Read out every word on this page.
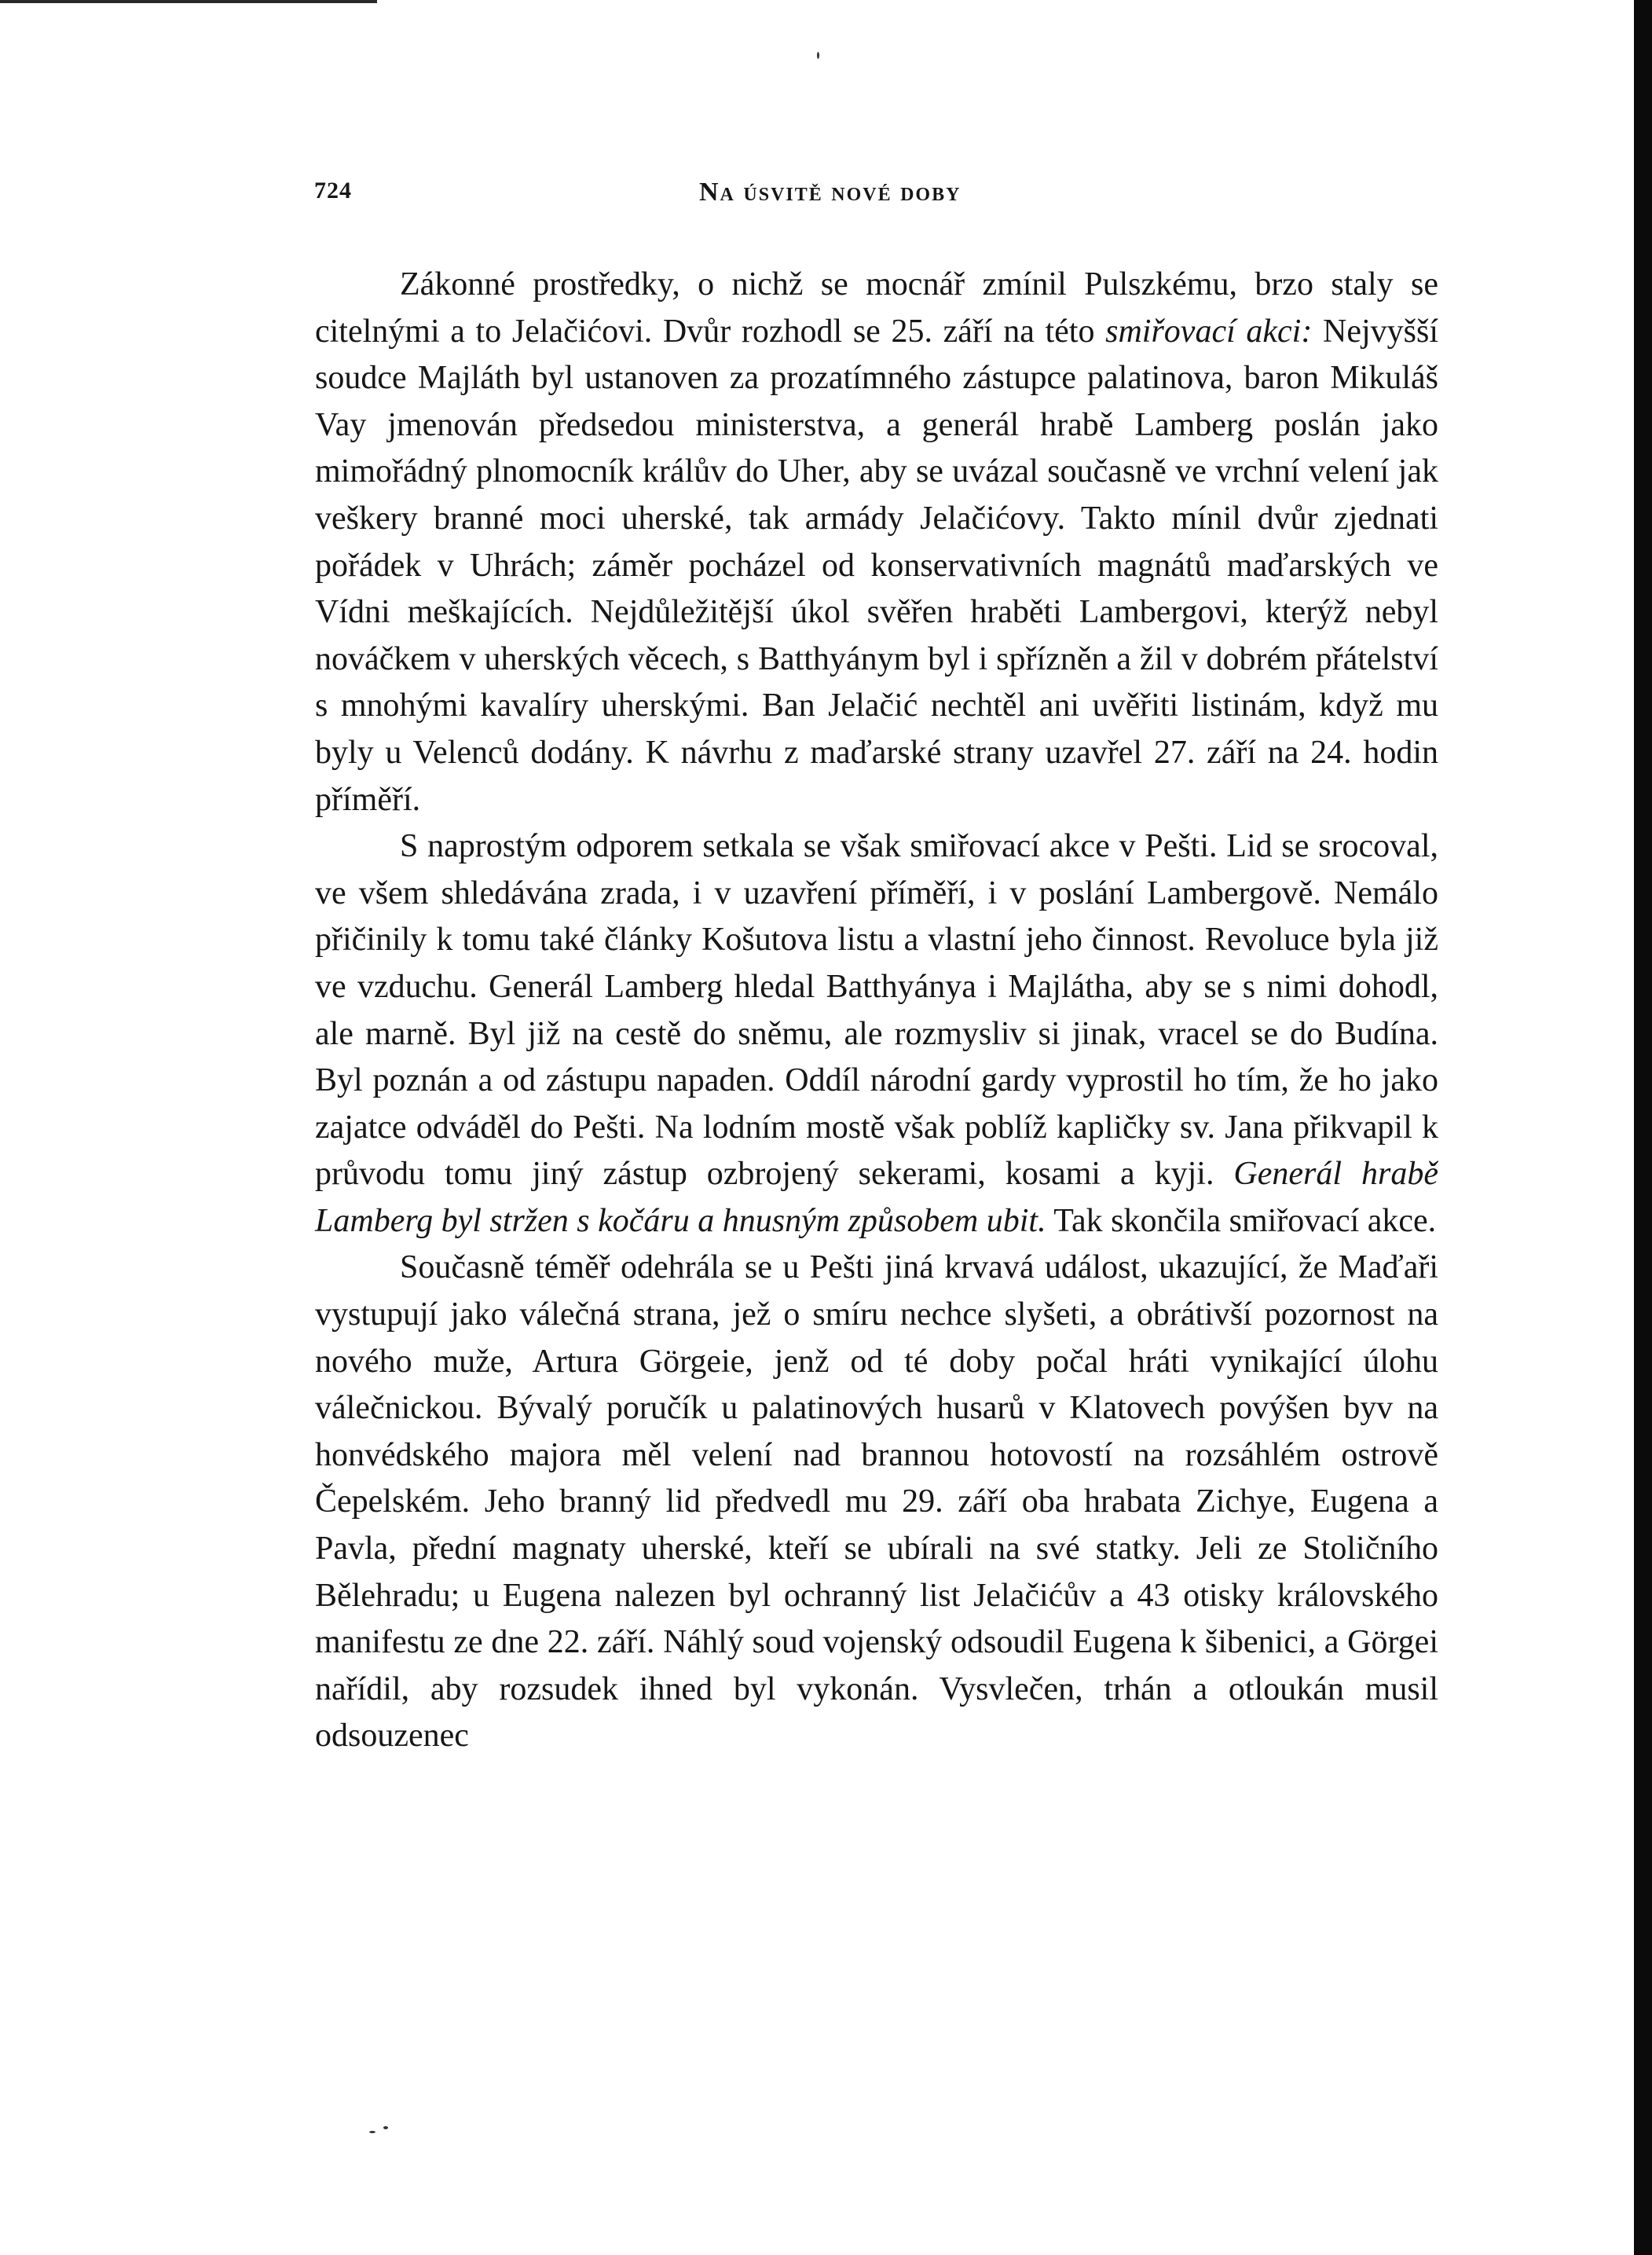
724	Na úsvitě nové doby

Zákonné prostředky, o nichž se mocnář zmínil Pulszkému, brzo staly se citelnými a to Jelačićovi. Dvůr rozhodl se 25. září na této smiřovací akci: Nejvyšší soudce Majláth byl ustanoven za prozatímného zástupce palatinova, baron Mikuláš Vay jmenován předsedou ministerstva, a generál hrabě Lamberg poslán jako mimořádný plnomocník králův do Uher, aby se uvázal současně ve vrchní velení jak veškery branné moci uherské, tak armády Jelačićovy. Takto mínil dvůr zjednati pořádek v Uhrách; záměr pocházel od konservativních magnátů maďarských ve Vídni meškajících. Nejdůležitější úkol svěřen hraběti Lambergovi, kterýž nebyl nováčkem v uherských věcech, s Batthyánym byl i spřízněn a žil v dobrém přátelství s mnohými kavalíry uherskými. Ban Jelačić nechtěl ani uvěřiti listinám, když mu byly u Velenců dodány. K návrhu z maďarské strany uzavřel 27. září na 24. hodin příměří.

S naprostým odporem setkala se však smiřovací akce v Pešti. Lid se srocoval, ve všem shledávána zrada, i v uzavření příměří, i v poslání Lambergově. Nemálo přičinily k tomu také články Košutova listu a vlastní jeho činnost. Revoluce byla již ve vzduchu. Generál Lamberg hledal Batthyánya i Majlátha, aby se s nimi dohodl, ale marně. Byl již na cestě do sněmu, ale rozmysliv si jinak, vracel se do Budína. Byl poznán a od zástupu napaden. Oddíl národní gardy vyprostil ho tím, že ho jako zajatce odváděl do Pešti. Na lodním mostě však poblíž kapličky sv. Jana přikvapil k průvodu tomu jiný zástup ozbrojený sekerami, kosami a kyji. Generál hrabě Lamberg byl stržen s kočáru a hnusným způsobem ubit. Tak skončila smiřovací akce.

Současně téměř odehrála se u Pešti jiná krvavá událost, ukazující, že Maďaři vystupují jako válečná strana, jež o smíru nechce slyšeti, a obrátivší pozornost na nového muže, Artura Görgeie, jenž od té doby počal hráti vynikající úlohu válečnickou. Bývalý poručík u palatinových husarů v Klatovech povýšen byv na honvédského majora měl velení nad brannou hotovostí na rozsáhlém ostrově Čepelském. Jeho branný lid předvedl mu 29. září oba hrabata Zichye, Eugena a Pavla, přední magnaty uherské, kteří se ubírali na své statky. Jeli ze Stoličního Bělehradu; u Eugena nalezen byl ochranný list Jelačićův a 43 otisky královského manifestu ze dne 22. září. Náhlý soud vojenský odsoudil Eugena k šibenici, a Görgei nařídil, aby rozsudek ihned byl vykonán. Vysvlečen, trhán a otloukán musil odsouzenec
